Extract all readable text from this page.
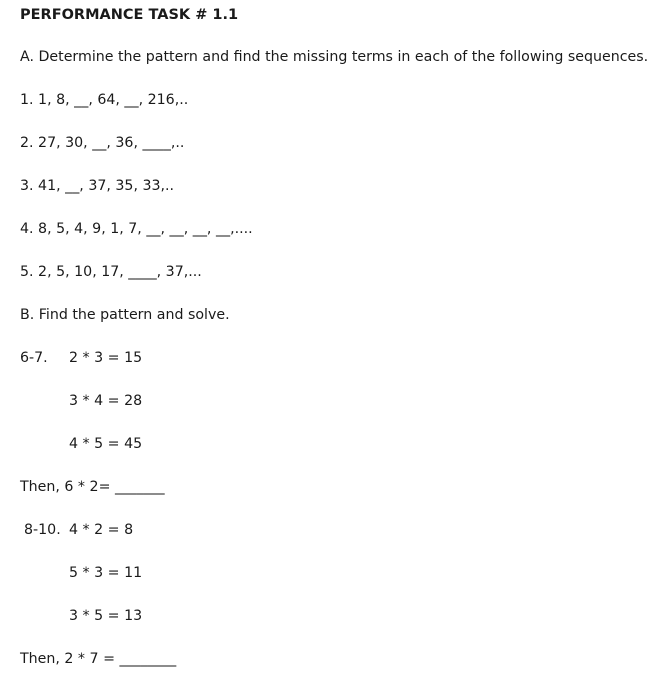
PERFORMANCE TASK # 1.1
A. Determine the pattern and find the missing terms in each of the following sequences.
1. 1, 8, __, 64, __, 216,..
2. 27, 30, __, 36, ____,..
3. 41, __, 37, 35, 33,..
4. 8, 5, 4, 9, 1, 7, __, __, __, __,....
5. 2, 5, 10, 17, ____, 37,...
B. Find the pattern and solve.
6-7. 2 * 3 = 15
3 * 4 = 28
4 * 5 = 45
Then, 6 * 2= _______
8-10. 4 * 2 = 8
5 * 3 = 11
3 * 5 = 13
Then, 2 * 7 = ________
